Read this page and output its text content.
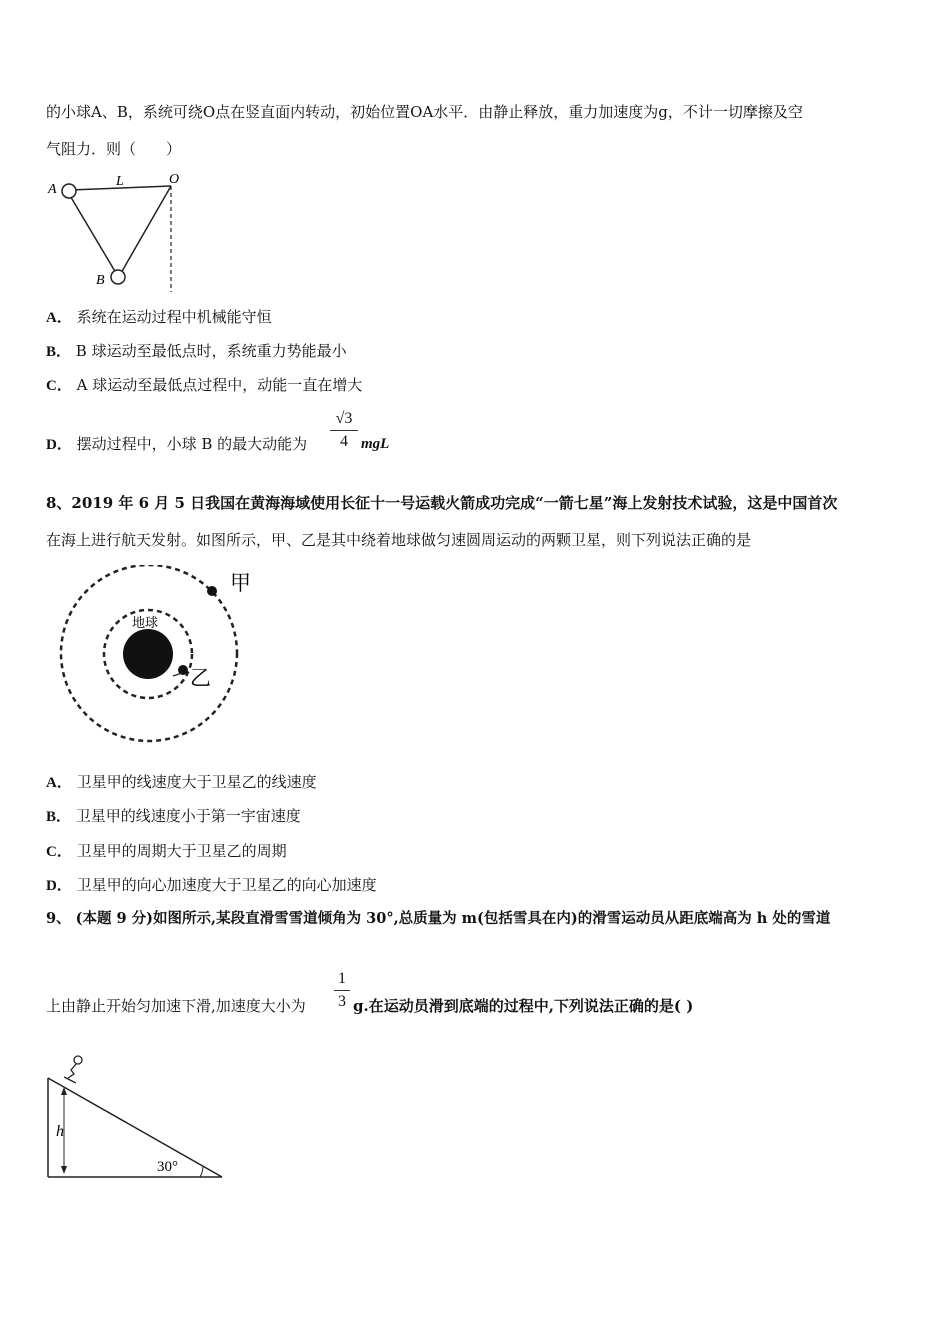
的小球A、B，系统可绕O点在竖直面内转动，初始位置OA水平．由静止释放，重力加速度为g，不计一切摩擦及空
气阻力．则（　　）
A
L	O
B
A． 系统在运动过程中机械能守恒
B． B 球运动至最低点时，系统重力势能最小
C． A 球运动至最低点过程中，动能一直在增大
D． 摆动过程中，小球 B 的最大动能为
√3
4 mgL
8、2019 年 6 月 5 日我国在黄海海域使用长征十一号运载火箭成功完成“一箭七星”海上发射技术试验，这是中国首次
在海上进行航天发射。如图所示，甲、乙是其中绕着地球做匀速圆周运动的两颗卫星，则下列说法正确的是
地球
甲
乙
A． 卫星甲的线速度大于卫星乙的线速度
B． 卫星甲的线速度小于第一宇宙速度
C． 卫星甲的周期大于卫星乙的周期
D． 卫星甲的向心加速度大于卫星乙的向心加速度
9、 (本题 9 分)如图所示,某段直滑雪雪道倾角为 30°,总质量为 m(包括雪具在内)的滑雪运动员从距底端高为 h 处的雪道
上由静止开始匀加速下滑,加速度大小为
1
3 g.在运动员滑到底端的过程中,下列说法正确的是( )
h
30°
